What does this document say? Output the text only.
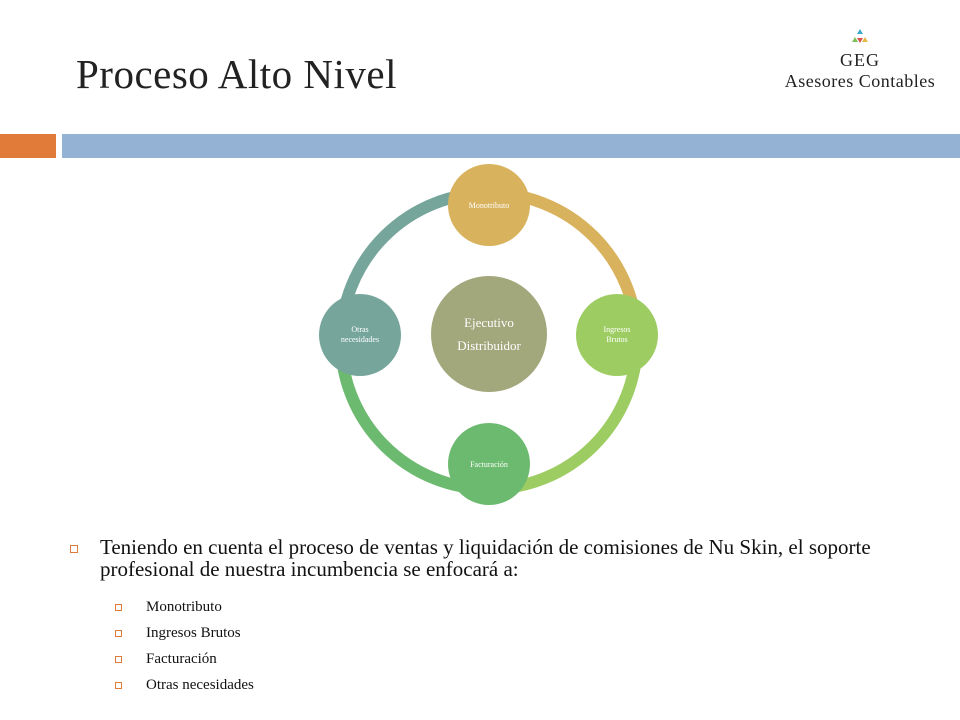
Proceso Alto Nivel	GEG
Asesores Contables
Ejecutivo
Distribuidor
Monotributo
Ingresos
Brutos
Facturación
Otras
necesidades
Teniendo en cuenta el proceso de ventas y liquidación de comisiones de Nu Skin, el soporte profesional de nuestra incumbencia se enfocará a:
Monotributo
Ingresos Brutos
Facturación
Otras necesidades
